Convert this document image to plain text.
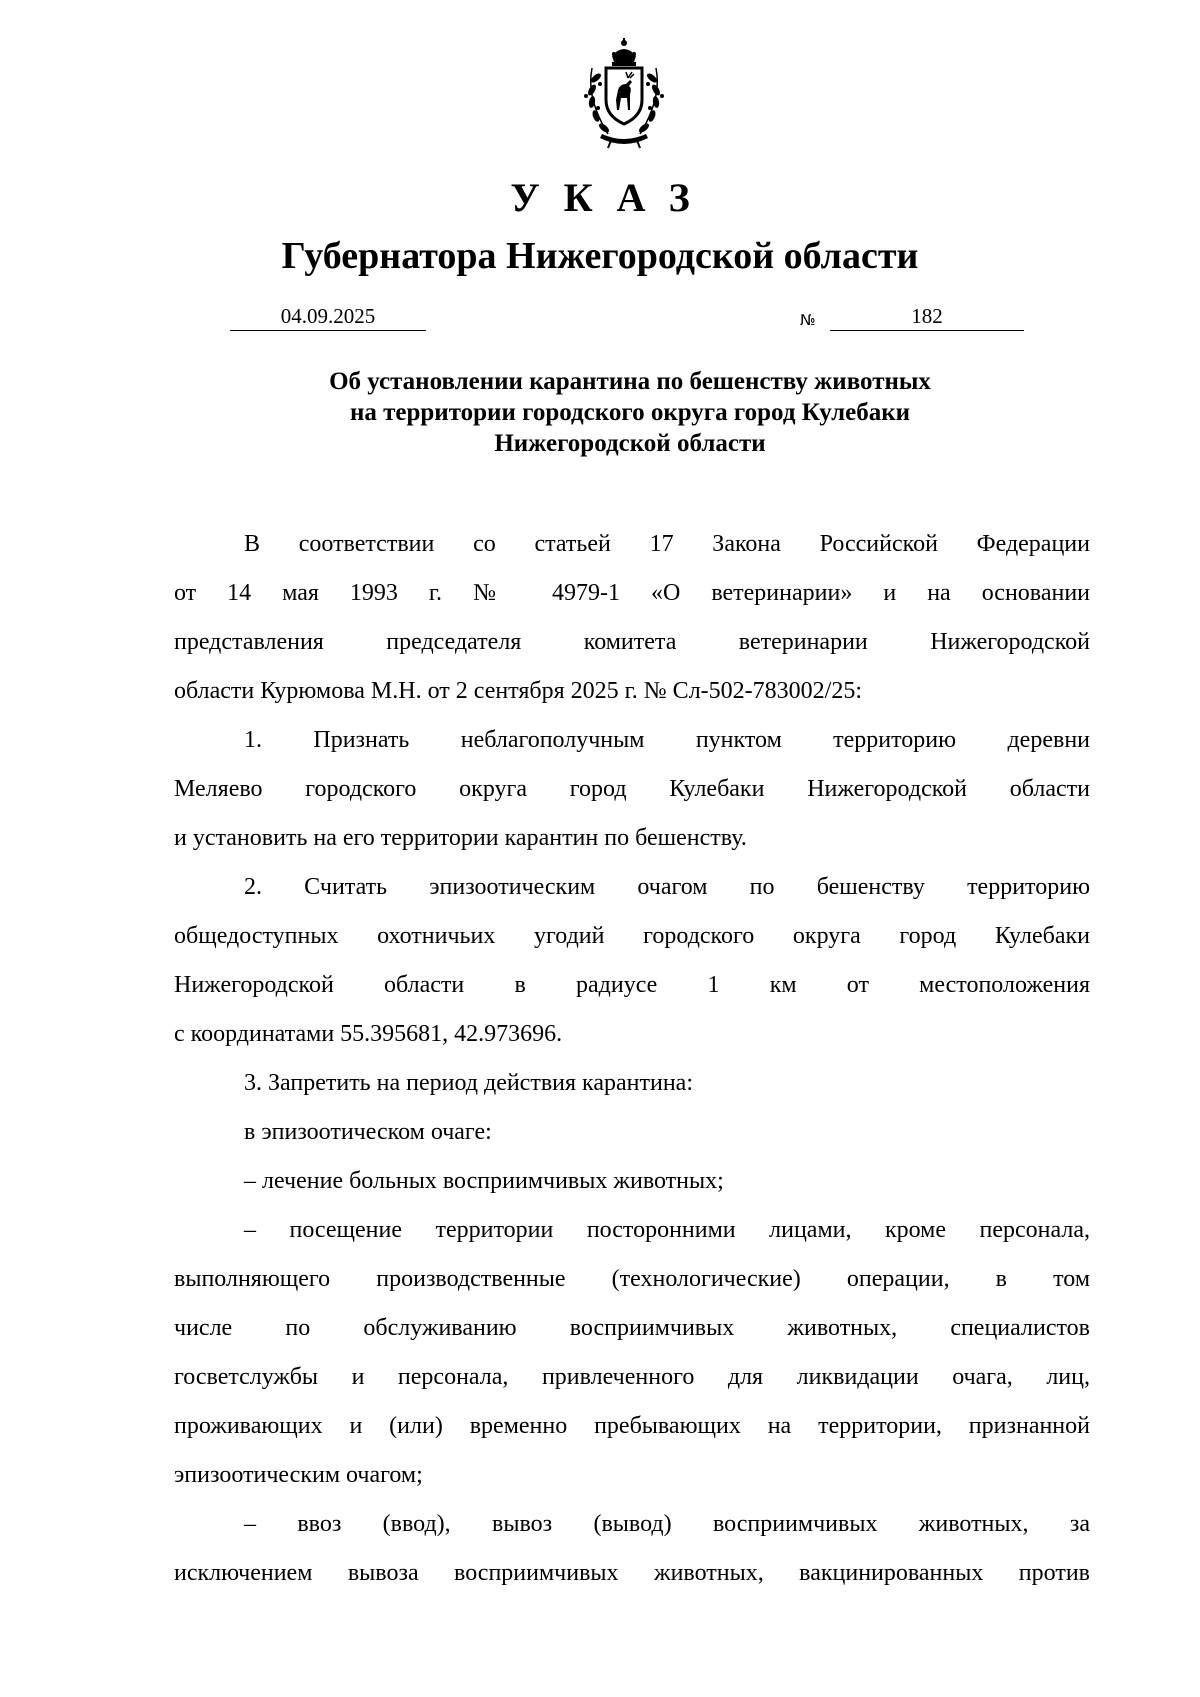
УКАЗ
Губернатора Нижегородской области
04.09.2025	№	182
Об установлении карантина по бешенству животных
на территории городского округа город Кулебаки
Нижегородской области
В соответствии со статьей 17 Закона Российской Федерации
от 14 мая 1993 г. № 4979-1 «О ветеринарии» и на основании
представления председателя комитета ветеринарии Нижегородской
области Курюмова М.Н. от 2 сентября 2025 г. № Сл-502-783002/25:
1. Признать неблагополучным пунктом территорию деревни
Меляево городского округа город Кулебаки Нижегородской области
и установить на его территории карантин по бешенству.
2. Считать эпизоотическим очагом по бешенству территорию
общедоступных охотничьих угодий городского округа город Кулебаки
Нижегородской области в радиусе 1 км от местоположения
с координатами 55.395681, 42.973696.
3. Запретить на период действия карантина:
в эпизоотическом очаге:
– лечение больных восприимчивых животных;
– посещение территории посторонними лицами, кроме персонала,
выполняющего производственные (технологические) операции, в том
числе по обслуживанию восприимчивых животных, специалистов
госветслужбы и персонала, привлеченного для ликвидации очага, лиц,
проживающих и (или) временно пребывающих на территории, признанной
эпизоотическим очагом;
– ввоз (ввод), вывоз (вывод) восприимчивых животных, за
исключением вывоза восприимчивых животных, вакцинированных против
